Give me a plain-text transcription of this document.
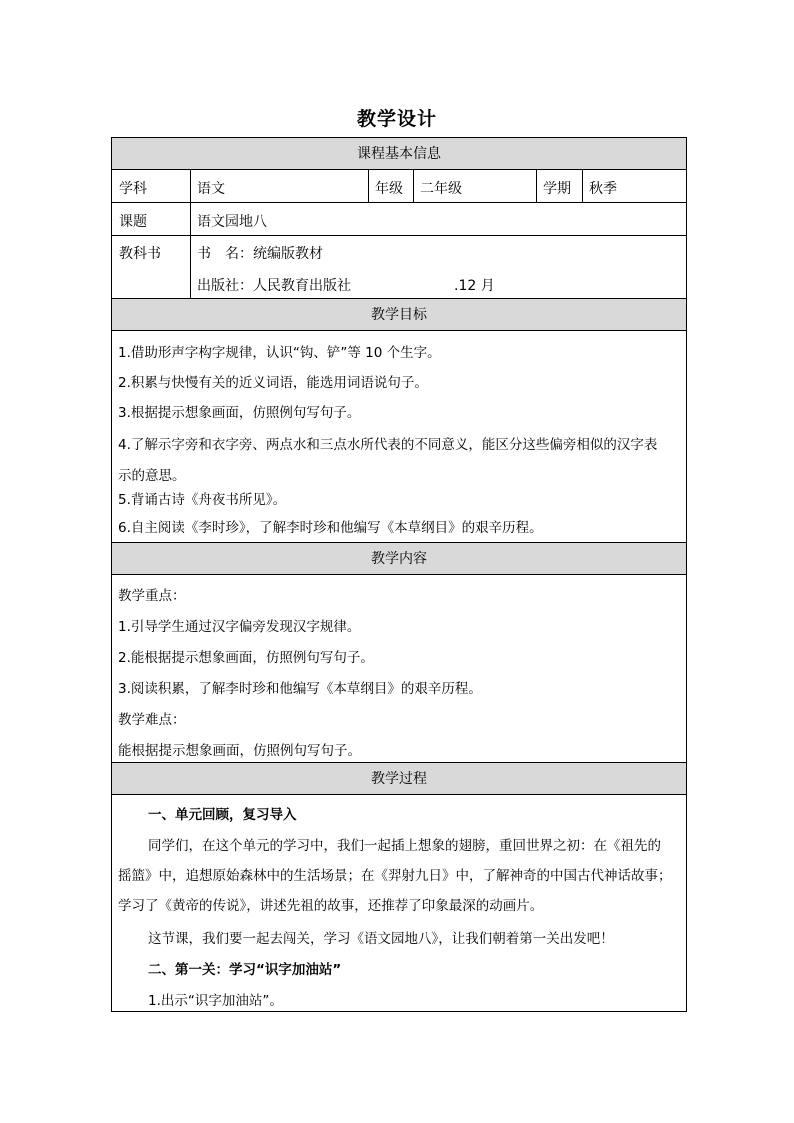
教学设计
课程基本信息
学科	语文	年级 二年级	学期 秋季
课题	语文园地八
教科书	书　名：统编版教材
出版社：人民教育出版社	.12 月
教学目标
1.借助形声字构字规律，认识“钩、铲”等 10 个生字。
2.积累与快慢有关的近义词语，能选用词语说句子。
3.根据提示想象画面，仿照例句写句子。
4.了解示字旁和衣字旁、两点水和三点水所代表的不同意义，能区分这些偏旁相似的汉字表
示的意思。
5.背诵古诗《舟夜书所见》。
6.自主阅读《李时珍》，了解李时珍和他编写《本草纲目》的艰辛历程。
教学内容
教学重点：
1.引导学生通过汉字偏旁发现汉字规律。
2.能根据提示想象画面，仿照例句写句子。
3.阅读积累，了解李时珍和他编写《本草纲目》的艰辛历程。
教学难点：
能根据提示想象画面，仿照例句写句子。
教学过程
一、单元回顾，复习导入
同学们，在这个单元的学习中，我们一起插上想象的翅膀，重回世界之初：在《祖先的
摇篮》中，追想原始森林中的生活场景；在《羿射九日》中，了解神奇的中国古代神话故事；
学习了《黄帝的传说》，讲述先祖的故事，还推荐了印象最深的动画片。
这节课，我们要一起去闯关，学习《语文园地八》，让我们朝着第一关出发吧！
二、第一关：学习“识字加油站”
1.出示“识字加油站”。
